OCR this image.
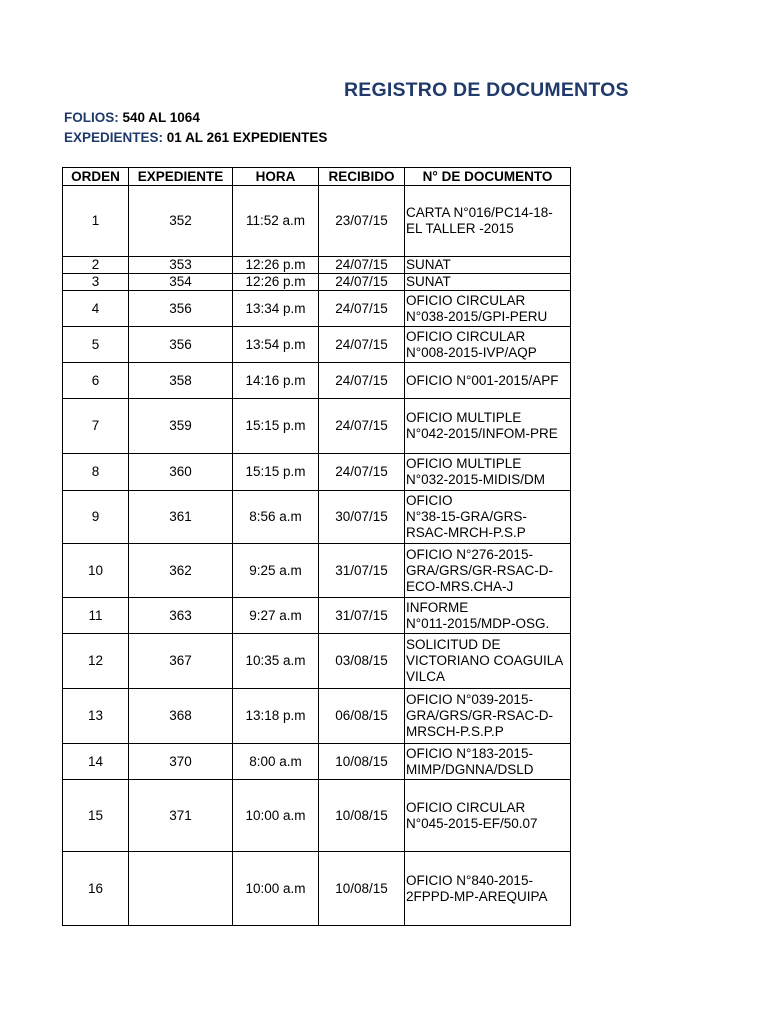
REGISTRO DE DOCUMENTOS
FOLIOS: 540 AL 1064
EXPEDIENTES: 01 AL 261 EXPEDIENTES
ORDEN	EXPEDIENTE	HORA	RECIBIDO	N° DE DOCUMENTO
1	352	11:52 a.m	23/07/15	CARTA N°016/PC14-18-
EL TALLER -2015
2	353	12:26 p.m	24/07/15	SUNAT
3	354	12:26 p.m	24/07/15	SUNAT
4	356	13:34 p.m	24/07/15	OFICIO CIRCULAR
N°038-2015/GPI-PERU
5	356	13:54 p.m	24/07/15	OFICIO CIRCULAR
N°008-2015-IVP/AQP
6	358	14:16 p.m	24/07/15	OFICIO N°001-2015/APF
7	359	15:15 p.m	24/07/15	OFICIO MULTIPLE
N°042-2015/INFOM-PRE
8	360	15:15 p.m	24/07/15	OFICIO MULTIPLE
N°032-2015-MIDIS/DM
9	361	8:56 a.m	30/07/15	OFICIO
N°38-15-GRA/GRS-
RSAC-MRCH-P.S.P
10	362	9:25 a.m	31/07/15	OFICIO N°276-2015-
GRA/GRS/GR-RSAC-D-
ECO-MRS.CHA-J
11	363	9:27 a.m	31/07/15	INFORME
N°011-2015/MDP-OSG.
12	367	10:35 a.m	03/08/15	SOLICITUD DE
VICTORIANO COAGUILA
VILCA
13	368	13:18 p.m	06/08/15	OFICIO N°039-2015-
GRA/GRS/GR-RSAC-D-
MRSCH-P.S.P.P
14	370	8:00 a.m	10/08/15	OFICIO N°183-2015-
MIMP/DGNNA/DSLD
15	371	10:00 a.m	10/08/15	OFICIO CIRCULAR
N°045-2015-EF/50.07
16		10:00 a.m	10/08/15	OFICIO N°840-2015-
2FPPD-MP-AREQUIPA
